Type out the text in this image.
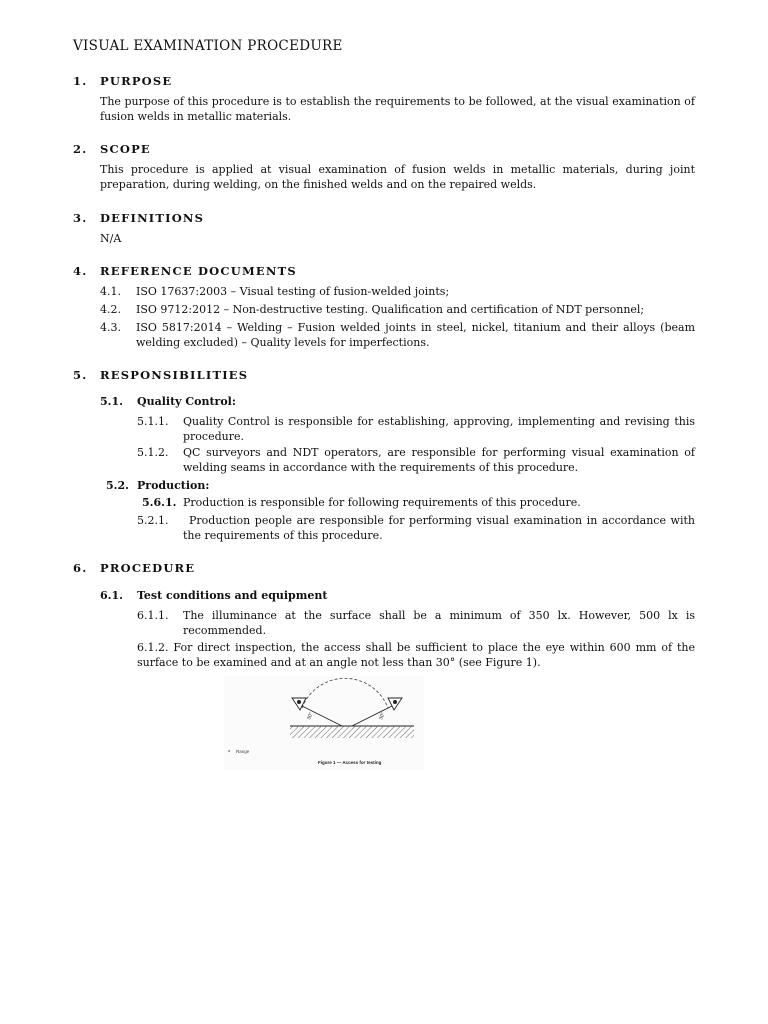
VISUAL EXAMINATION PROCEDURE
1. PURPOSE
The purpose of this procedure is to establish the requirements to be followed, at the visual examination of fusion welds in metallic materials.
2. SCOPE
This procedure is applied at visual examination of fusion welds in metallic materials, during joint preparation, during welding, on the finished welds and on the repaired welds.
3. DEFINITIONS
N/A
4. REFERENCE DOCUMENTS
4.1. ISO 17637:2003 – Visual testing of fusion-welded joints;
4.2. ISO 9712:2012 – Non-destructive testing. Qualification and certification of NDT personnel;
4.3. ISO 5817:2014 – Welding – Fusion welded joints in steel, nickel, titanium and their alloys (beam welding excluded) – Quality levels for imperfections.
5. RESPONSIBILITIES
5.1. Quality Control:
5.1.1. Quality Control is responsible for establishing, approving, implementing and revising this procedure.
5.1.2. QC surveyors and NDT operators, are responsible for performing visual examination of welding seams in accordance with the requirements of this procedure.
5.2. Production:
5.6.1. Production is responsible for following requirements of this procedure.
5.2.1.	Production people are responsible for performing visual examination in accordance with the requirements of this procedure.
6. PROCEDURE
6.1. Test conditions and equipment
6.1.1. The illuminance at the surface shall be a minimum of 350 lx. However, 500 lx is recommended.
6.1.2. For direct inspection, the access shall be sufficient to place the eye within 600 mm of the surface to be examined and at an angle not less than 30° (see Figure 1).
30°	30°
a Range
Figure 1 — Access for testing
